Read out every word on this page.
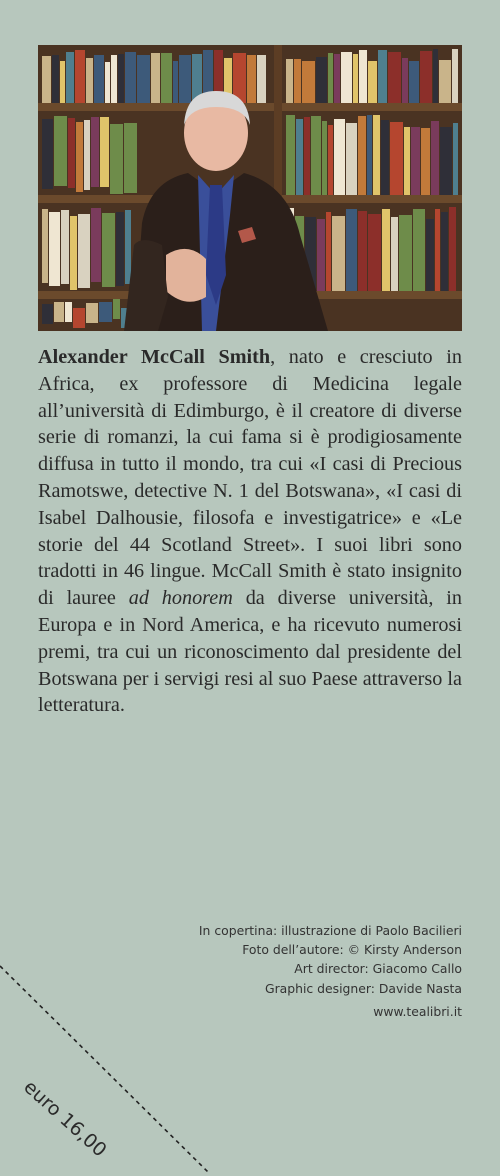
Alexander McCall Smith, nato e cresciuto in Africa, ex professore di Medicina legale all’università di Edimburgo, è il creatore di diverse serie di romanzi, la cui fama si è prodigiosamente diffusa in tutto il mondo, tra cui «I casi di Precious Ramotswe, detective N. 1 del Botswana», «I casi di Isabel Dalhousie, filosofa e investigatrice» e «Le storie del 44 Scotland Street». I suoi libri sono tradotti in 46 lingue. McCall Smith è stato insignito di lauree ad honorem da diverse università, in Europa e in Nord America, e ha ricevuto numerosi premi, tra cui un riconoscimento dal presidente del Botswana per i servigi resi al suo Paese attraverso la letteratura.

In copertina: illustrazione di Paolo Bacilieri
Foto dell’autore: © Kirsty Anderson
Art director: Giacomo Callo
Graphic designer: Davide Nasta
www.tealibri.it
euro 16,00
